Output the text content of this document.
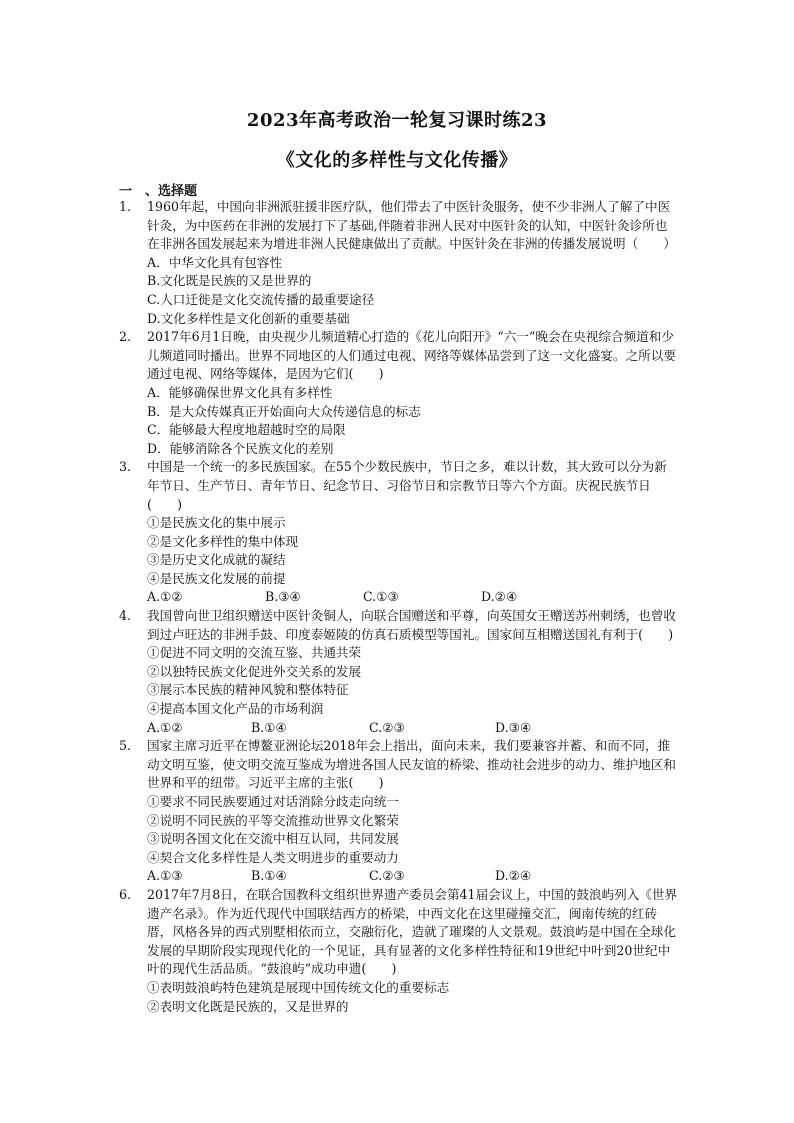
2023年高考政治一轮复习课时练23
《文化的多样性与文化传播》
一　、选择题

1. 1960年起，中国向非洲派驻援非医疗队，他们带去了中医针灸服务，使不少非洲人了解了中医针灸，为中医药在非洲的发展打下了基础,伴随着非洲人民对中医针灸的认知，中医针灸诊所也在非洲各国发展起来为增进非洲人民健康做出了贡献。中医针灸在非洲的传播发展说明（　　）

A．中华文化具有包容性

B.文化既是民族的又是世界的

C.人口迁徙是文化交流传播的最重要途径

D.文化多样性是文化创新的重要基础

2. 2017年6月1日晚，由央视少儿频道精心打造的《花儿向阳开》“六一”晚会在央视综合频道和少儿频道同时播出。世界不同地区的人们通过电视、网络等媒体品尝到了这一文化盛宴。之所以要通过电视、网络等媒体，是因为它们(　　)

A．能够确保世界文化具有多样性

B．是大众传媒真正开始面向大众传递信息的标志

C．能够最大程度地超越时空的局限

D．能够消除各个民族文化的差别

3. 中国是一个统一的多民族国家。在55个少数民族中，节日之多，难以计数，其大致可以分为新年节日、生产节日、青年节日、纪念节日、习俗节日和宗教节日等六个方面。庆祝民族节日(　　)

①是民族文化的集中展示

②是文化多样性的集中体现

③是历史文化成就的凝结

④是民族文化发展的前提

A.①②	B.③④	C.①③	D.②④

4. 我国曾向世卫组织赠送中医针灸铜人，向联合国赠送和平尊，向英国女王赠送苏州刺绣，也曾收到过卢旺达的非洲手鼓、印度泰姬陵的仿真石质模型等国礼。国家间互相赠送国礼有利于(　　)

①促进不同文明的交流互鉴、共通共荣

②以独特民族文化促进外交关系的发展

③展示本民族的精神风貌和整体特征

④提高本国文化产品的市场利润

A.①②	B.①④	C.②③	D.③④

5. 国家主席习近平在博鳌亚洲论坛2018年会上指出，面向未来，我们要兼容并蓄、和而不同，推动文明互鉴，使文明交流互鉴成为增进各国人民友谊的桥梁、推动社会进步的动力、维护地区和世界和平的纽带。习近平主席的主张(　　)

①要求不同民族要通过对话消除分歧走向统一

②说明不同民族的平等交流推动世界文化繁荣

③说明各国文化在交流中相互认同，共同发展

④契合文化多样性是人类文明进步的重要动力

A.①③	B.①④	C.②③	D.②④

6. 2017年7月8日，在联合国教科文组织世界遗产委员会第41届会议上，中国的鼓浪屿列入《世界遗产名录》。作为近代现代中国联结西方的桥梁，中西文化在这里碰撞交汇，闽南传统的红砖厝，风格各异的西式别墅相依而立，交融衍化，造就了璀璨的人文景观。鼓浪屿是中国在全球化发展的早期阶段实现现代化的一个见证，具有显著的文化多样性特征和19世纪中叶到20世纪中叶的现代生活品质。“鼓浪屿”成功申遗(　　)

①表明鼓浪屿特色建筑是展现中国传统文化的重要标志

②表明文化既是民族的，又是世界的
